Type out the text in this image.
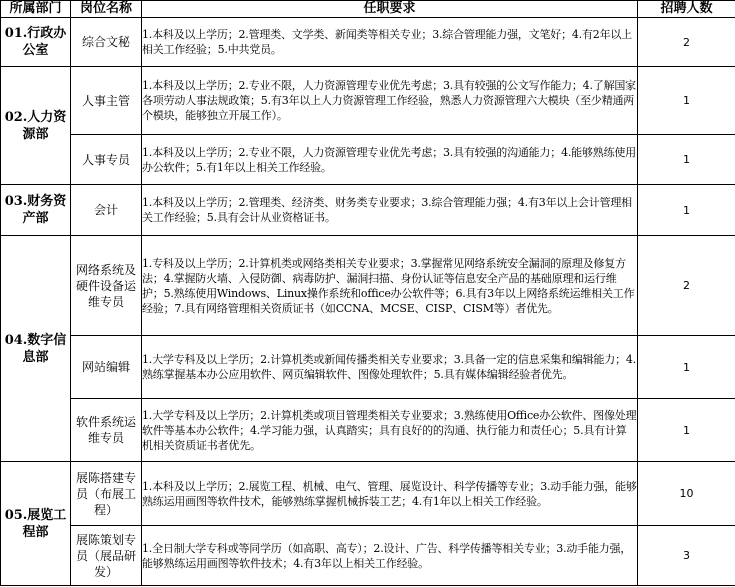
所属部门	岗位名称	任职要求	招聘人数
01.行政办公室	综合文秘	1.本科及以上学历；2.管理类、文学类、新闻类等相关专业；3.综合管理能力强，文笔好；4.有2年以上相关工作经验；5.中共党员。	2
02.人力资源部	人事主管	1.本科及以上学历；2.专业不限，人力资源管理专业优先考虑；3.具有较强的公文写作能力；4.了解国家各项劳动人事法规政策；5.有3年以上人力资源管理工作经验，熟悉人力资源管理六大模块（至少精通两个模块，能够独立开展工作）。	1
	人事专员	1.本科及以上学历；2.专业不限，人力资源管理专业优先考虑；3.具有较强的沟通能力；4.能够熟练使用办公软件；5.有1年以上相关工作经验。	1
03.财务资产部	会计	1.本科及以上学历；2.管理类、经济类、财务类专业要求；3.综合管理能力强；4.有3年以上会计管理相关工作经验；5.具有会计从业资格证书。	1
04.数字信息部	网络系统及硬件设备运维专员	1.专科及以上学历；2.计算机类或网络类相关专业要求；3.掌握常见网络系统安全漏洞的原理及修复方法；4.掌握防火墙、入侵防御、病毒防护、漏洞扫描、身份认证等信息安全产品的基础原理和运行维护；5.熟练使用Windows、Linux操作系统和office办公软件等；6.具有3年以上网络系统运维相关工作经验；7.具有网络管理相关资质证书（如CCNA、MCSE、CISP、CISM等）者优先。	2
	网站编辑	1.大学专科及以上学历；2.计算机类或新闻传播类相关专业要求；3.具备一定的信息采集和编辑能力；4.熟练掌握基本办公应用软件、网页编辑软件、图像处理软件；5.具有媒体编辑经验者优先。	1
	软件系统运维专员	1.大学专科及以上学历；2.计算机类或项目管理类相关专业要求；3.熟练使用Office办公软件、图像处理软件等基本办公软件；4.学习能力强，认真踏实；具有良好的的沟通、执行能力和责任心；5.具有计算机相关资质证书者优先。	1
05.展览工程部	展陈搭建专员（布展工程）	1.本科及以上学历；2.展览工程、机械、电气、管理、展览设计、科学传播等专业；3.动手能力强，能够熟练运用画图等软件技术，能够熟练掌握机械拆装工艺；4.有1年以上相关工作经验。	10
	展陈策划专员（展品研发）	1.全日制大学专科或等同学历（如高职、高专）；2.设计、广告、科学传播等相关专业；3.动手能力强，能够熟练运用画图等软件技术；4.有3年以上相关工作经验。	3
